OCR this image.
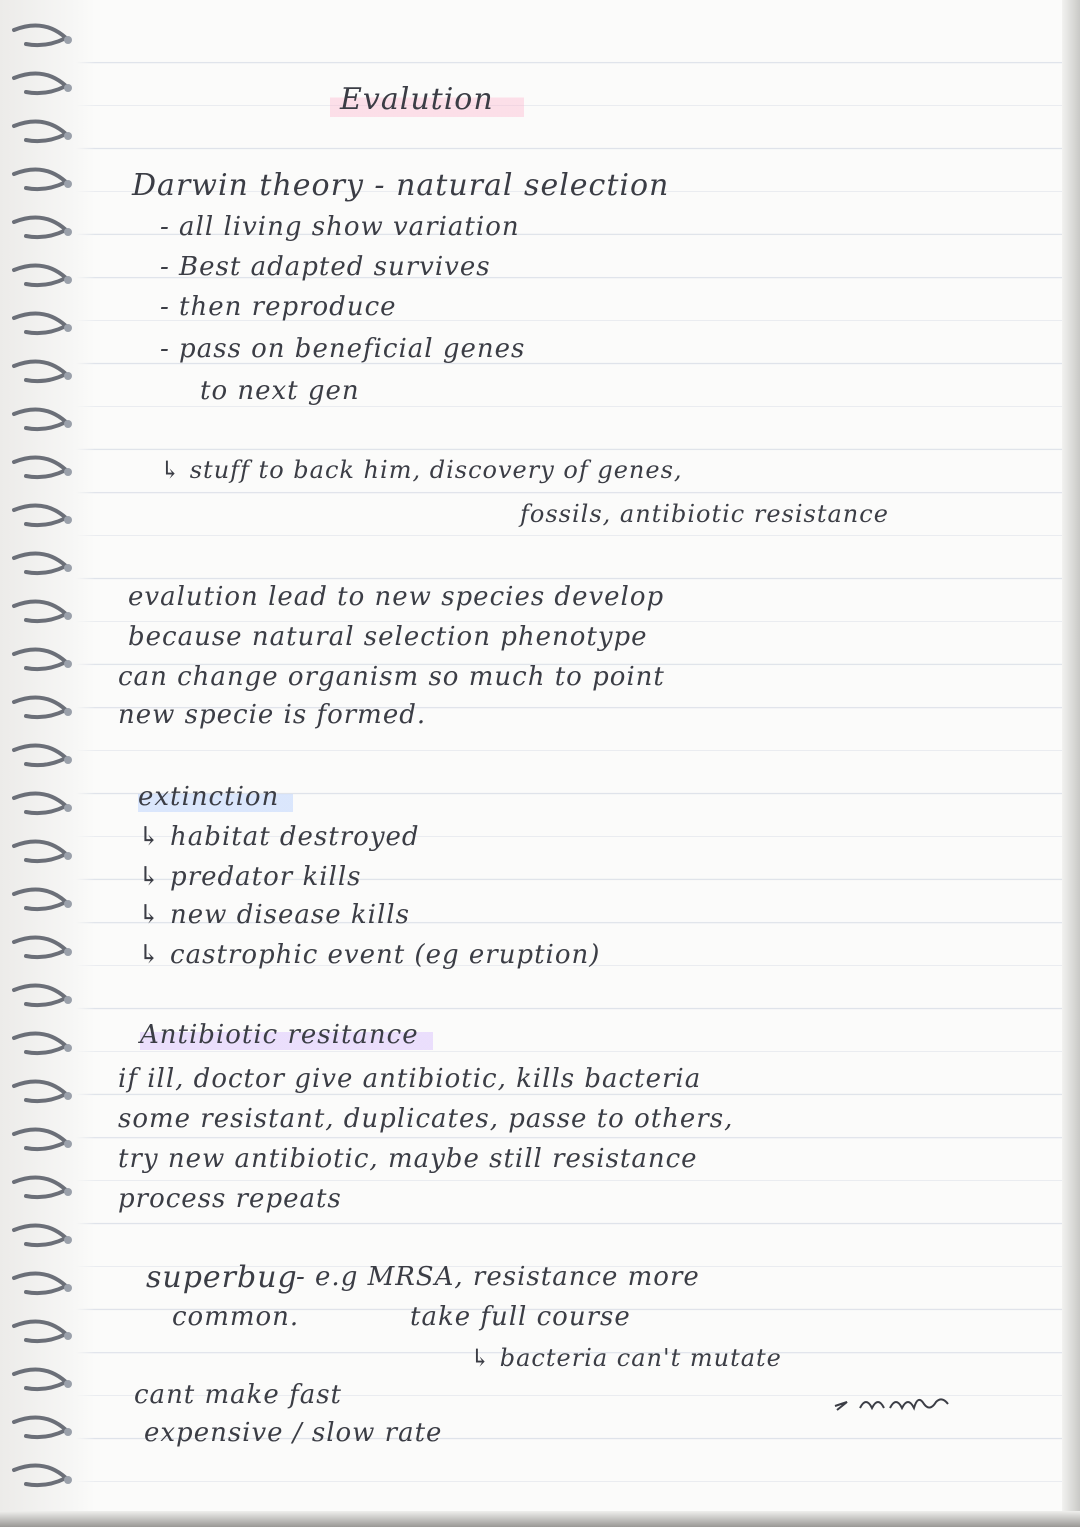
Evalution
Darwin theory - natural selection
- all living show variation
- Best adapted survives
- then reproduce
- pass on beneficial genes
to next gen
↳ stuff to back him, discovery of genes,
fossils, antibiotic resistance
evalution lead to new species develop
because natural selection phenotype
can change organism so much to point
new specie is formed.
extinction
↳ habitat destroyed
↳ predator kills
↳ new disease kills
↳ castrophic event (eg eruption)
Antibiotic resitance
if ill, doctor give antibiotic, kills bacteria
some resistant, duplicates, passe to others,
try new antibiotic, maybe still resistance
process repeats
superbug
- e.g MRSA, resistance more
common.	take full course
↳ bacteria can't mutate
cant make fast
expensive / slow rate
